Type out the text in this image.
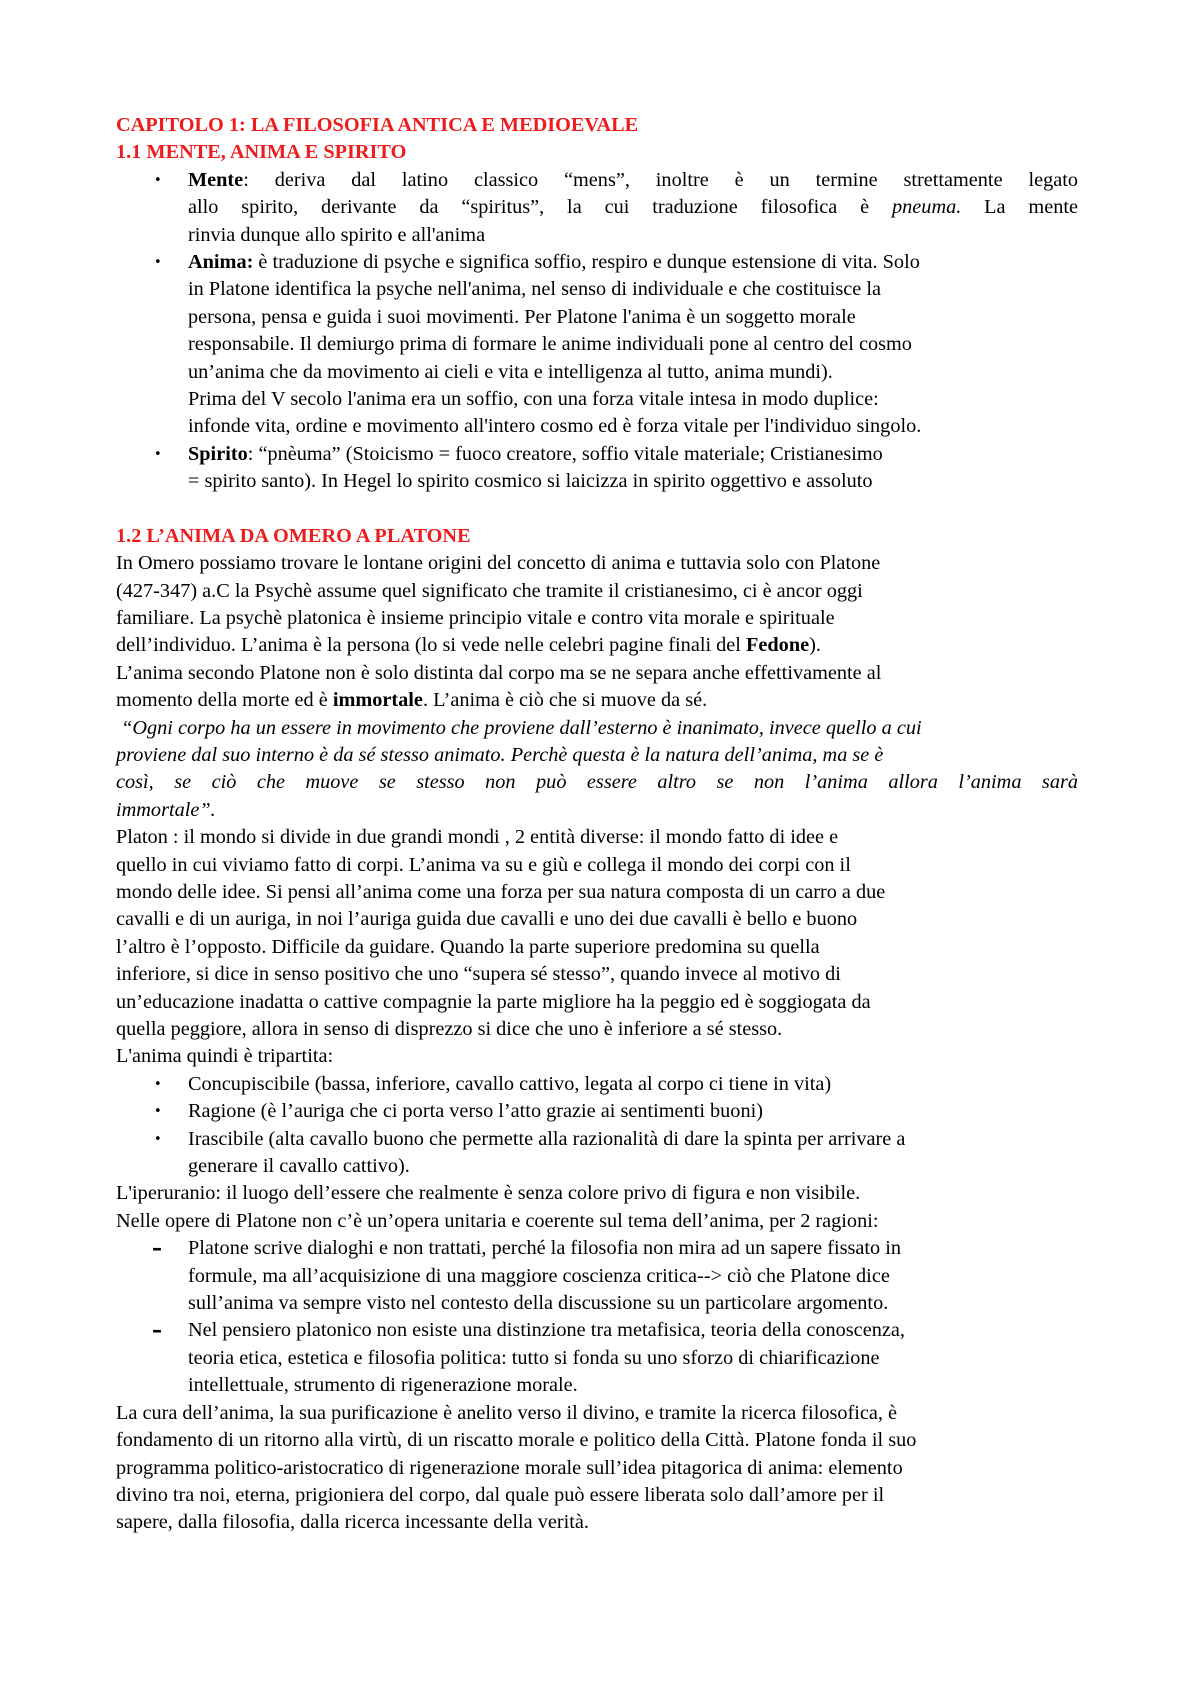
CAPITOLO 1: LA FILOSOFIA ANTICA E MEDIOEVALE

1.1 MENTE, ANIMA E SPIRITO

• Mente: deriva dal latino classico “mens”, inoltre è un termine strettamente legato

allo spirito, derivante da “spiritus”, la cui traduzione filosofica è pneuma. La mente

rinvia dunque allo spirito e all'anima

• Anima: è traduzione di psyche e significa soffio, respiro e dunque estensione di vita. Solo

in Platone identifica la psyche nell'anima, nel senso di individuale e che costituisce la

persona, pensa e guida i suoi movimenti. Per Platone l'anima è un soggetto morale

responsabile. Il demiurgo prima di formare le anime individuali pone al centro del cosmo

un’anima che da movimento ai cieli e vita e intelligenza al tutto, anima mundi).

Prima del V secolo l'anima era un soffio, con una forza vitale intesa in modo duplice:

infonde vita, ordine e movimento all'intero cosmo ed è forza vitale per l'individuo singolo.

• Spirito: “pnèuma” (Stoicismo = fuoco creatore, soffio vitale materiale; Cristianesimo

= spirito santo). In Hegel lo spirito cosmico si laicizza in spirito oggettivo e assoluto

1.2 L’ANIMA DA OMERO A PLATONE

In Omero possiamo trovare le lontane origini del concetto di anima e tuttavia solo con Platone

(427-347) a.C la Psychè assume quel significato che tramite il cristianesimo, ci è ancor oggi

familiare. La psychè platonica è insieme principio vitale e contro vita morale e spirituale

dell’individuo. L’anima è la persona (lo si vede nelle celebri pagine finali del Fedone).

L’anima secondo Platone non è solo distinta dal corpo ma se ne separa anche effettivamente al

momento della morte ed è immortale. L’anima è ciò che si muove da sé.

“Ogni corpo ha un essere in movimento che proviene dall’esterno è inanimato, invece quello a cui

proviene dal suo interno è da sé stesso animato. Perchè questa è la natura dell’anima, ma se è

così, se ciò che muove se stesso non può essere altro se non l’anima allora l’anima sarà

immortale”.

Platon : il mondo si divide in due grandi mondi , 2 entità diverse: il mondo fatto di idee e

quello in cui viviamo fatto di corpi. L’anima va su e giù e collega il mondo dei corpi con il

mondo delle idee. Si pensi all’anima come una forza per sua natura composta di un carro a due

cavalli e di un auriga, in noi l’auriga guida due cavalli e uno dei due cavalli è bello e buono

l’altro è l’opposto. Difficile da guidare. Quando la parte superiore predomina su quella

inferiore, si dice in senso positivo che uno “supera sé stesso”, quando invece al motivo di

un’educazione inadatta o cattive compagnie la parte migliore ha la peggio ed è soggiogata da

quella peggiore, allora in senso di disprezzo si dice che uno è inferiore a sé stesso.

L'anima quindi è tripartita:

• Concupiscibile (bassa, inferiore, cavallo cattivo, legata al corpo ci tiene in vita)

• Ragione (è l’auriga che ci porta verso l’atto grazie ai sentimenti buoni)

• Irascibile (alta cavallo buono che permette alla razionalità di dare la spinta per arrivare a

generare il cavallo cattivo).

L'iperuranio: il luogo dell’essere che realmente è senza colore privo di figura e non visibile.

Nelle opere di Platone non c’è un’opera unitaria e coerente sul tema dell’anima, per 2 ragioni:

– Platone scrive dialoghi e non trattati, perché la filosofia non mira ad un sapere fissato in

formule, ma all’acquisizione di una maggiore coscienza critica--> ciò che Platone dice

sull’anima va sempre visto nel contesto della discussione su un particolare argomento.

– Nel pensiero platonico non esiste una distinzione tra metafisica, teoria della conoscenza,

teoria etica, estetica e filosofia politica: tutto si fonda su uno sforzo di chiarificazione

intellettuale, strumento di rigenerazione morale.

La cura dell’anima, la sua purificazione è anelito verso il divino, e tramite la ricerca filosofica, è

fondamento di un ritorno alla virtù, di un riscatto morale e politico della Città. Platone fonda il suo

programma politico-aristocratico di rigenerazione morale sull’idea pitagorica di anima: elemento

divino tra noi, eterna, prigioniera del corpo, dal quale può essere liberata solo dall’amore per il

sapere, dalla filosofia, dalla ricerca incessante della verità.
